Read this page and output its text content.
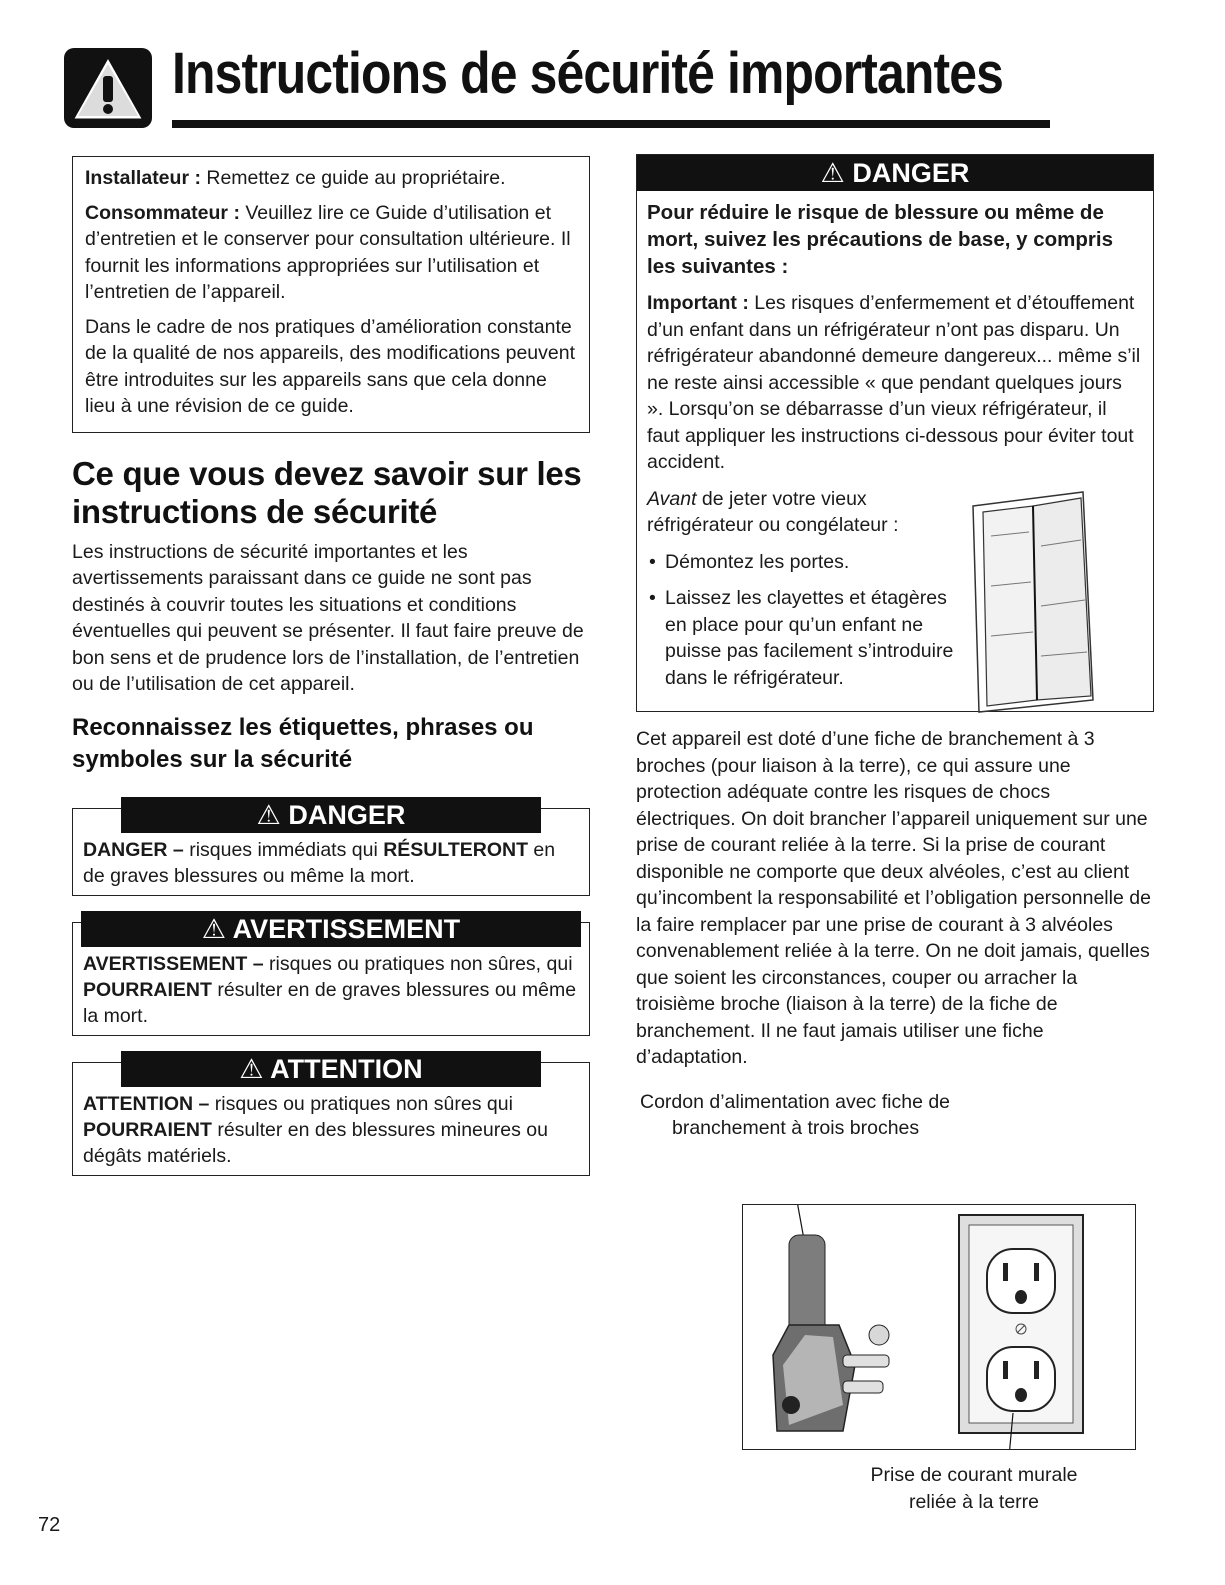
Instructions de sécurité importantes

Installateur : Remettez ce guide au propriétaire.

Consommateur : Veuillez lire ce Guide d’utilisation et d’entretien et le conserver pour consultation ultérieure. Il fournit les informations appropriées sur l’utilisation et l’entretien de l’appareil.

Dans le cadre de nos pratiques d’amélioration constante de la qualité de nos appareils, des modifications peuvent être introduites sur les appareils sans que cela donne lieu à une révision de ce guide.

Ce que vous devez savoir sur les instructions de sécurité

Les instructions de sécurité importantes et les avertissements paraissant dans ce guide ne sont pas destinés à couvrir toutes les situations et conditions éventuelles qui peuvent se présenter. Il faut faire preuve de bon sens et de prudence lors de l’installation, de l’entretien ou de l’utilisation de cet appareil.

Reconnaissez les étiquettes, phrases ou symboles sur la sécurité
⚠ DANGER
DANGER – risques immédiats qui RÉSULTERONT en de graves blessures ou même la mort.
⚠ AVERTISSEMENT
AVERTISSEMENT – risques ou pratiques non sûres, qui POURRAIENT résulter en de graves blessures ou même la mort.
⚠ ATTENTION
ATTENTION – risques ou pratiques non sûres qui POURRAIENT résulter en des blessures mineures ou dégâts matériels.
⚠ DANGER

Pour réduire le risque de blessure ou même de mort, suivez les précautions de base, y compris les suivantes :

Important : Les risques d’enfermement et d’étouffement d’un enfant dans un réfrigérateur n’ont pas disparu. Un réfrigérateur abandonné demeure dangereux... même s’il ne reste ainsi accessible « que pendant quelques jours ». Lorsqu’on se débarrasse d’un vieux réfrigérateur, il faut appliquer les instructions ci-dessous pour éviter tout accident.

Avant de jeter votre vieux réfrigérateur ou congélateur :

• Démontez les portes.
• Laissez les clayettes et étagères en place pour qu’un enfant ne puisse pas facilement s’introduire dans le réfrigérateur.

Cet appareil est doté d’une fiche de branchement à 3 broches (pour liaison à la terre), ce qui assure une protection adéquate contre les risques de chocs électriques. On doit brancher l’appareil uniquement sur une prise de courant reliée à la terre. Si la prise de courant disponible ne comporte que deux alvéoles, c’est au client qu’incombent la responsabilité et l’obligation personnelle de la faire remplacer par une prise de courant à 3 alvéoles convenablement reliée à la terre. On ne doit jamais, quelles que soient les circonstances, couper ou arracher la troisième broche (liaison à la terre) de la fiche de branchement. Il ne faut jamais utiliser une fiche d’adaptation.

Cordon d’alimentation avec fiche de
branchement à trois broches
Prise de courant murale
reliée à la terre
72
